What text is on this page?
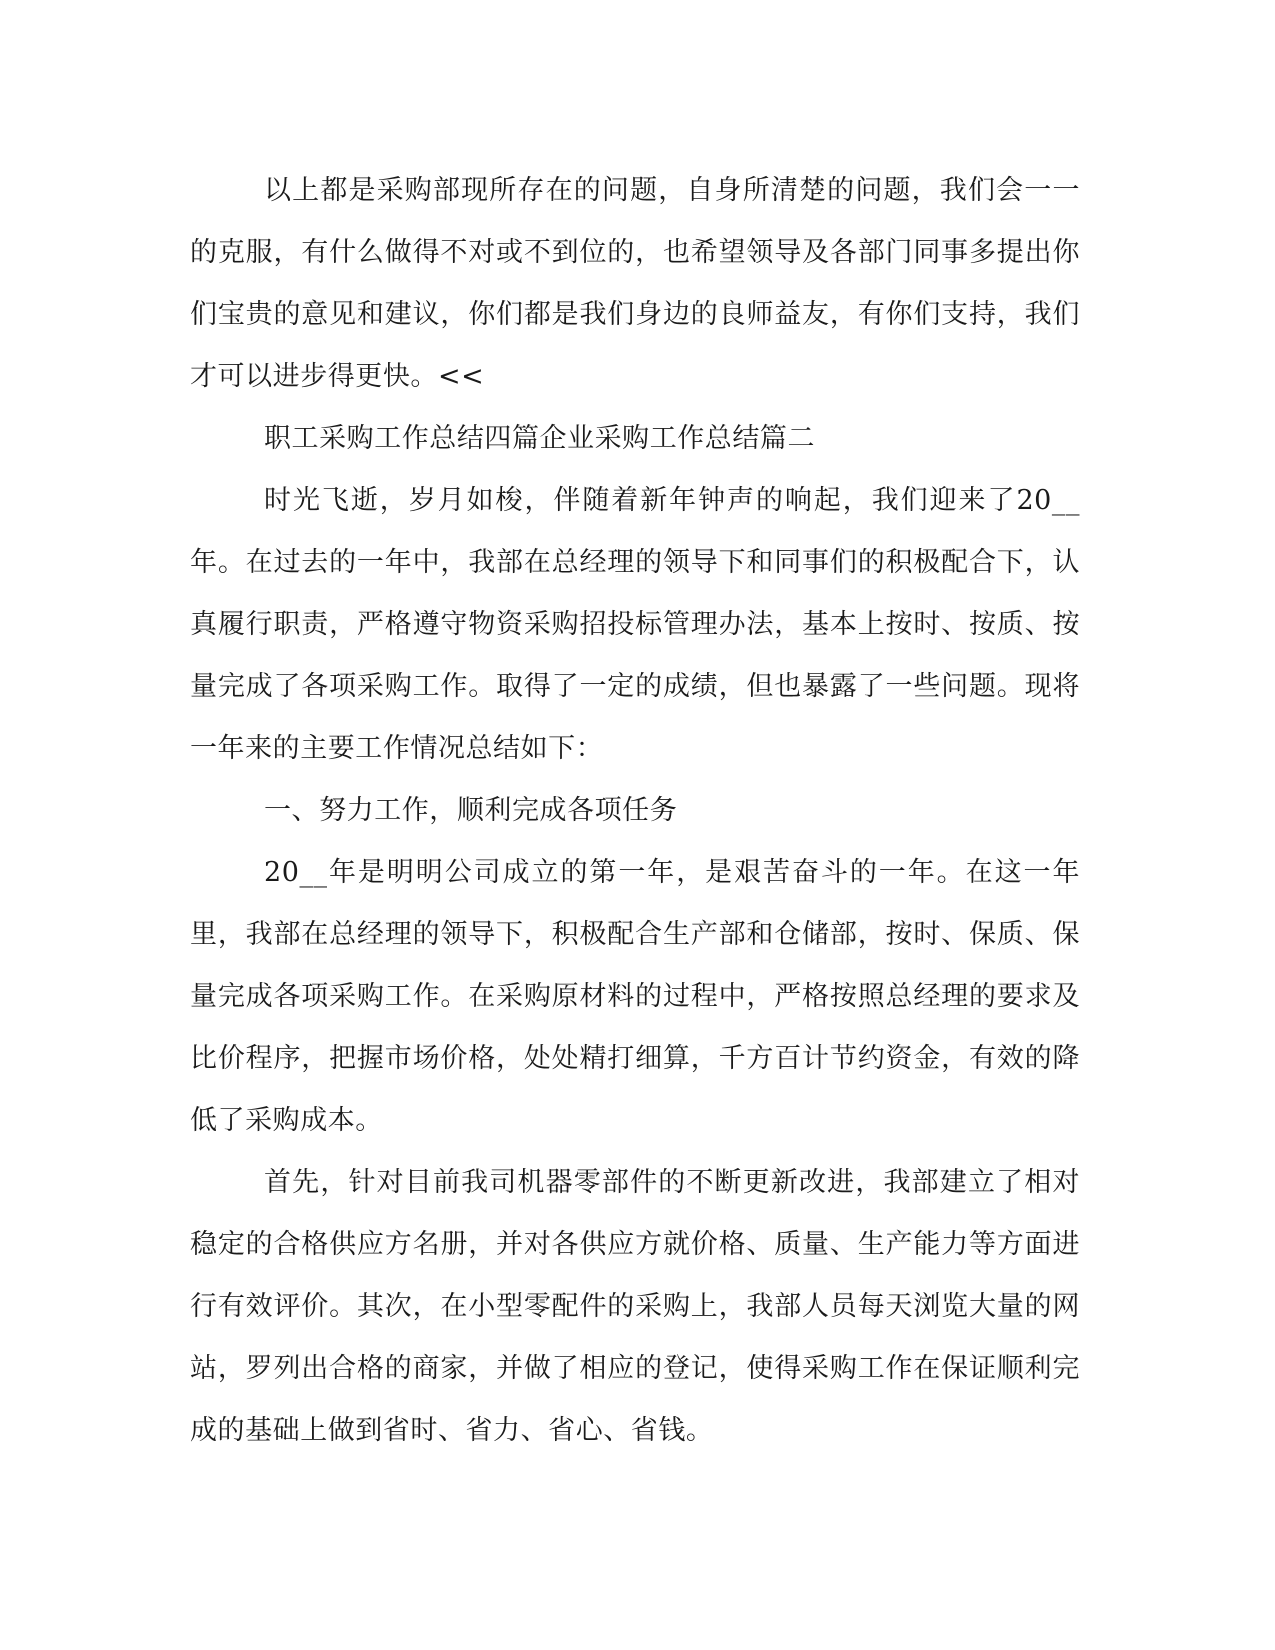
以上都是采购部现所存在的问题，自身所清楚的问题，我们会一一的克服，有什么做得不对或不到位的，也希望领导及各部门同事多提出你们宝贵的意见和建议，你们都是我们身边的良师益友，有你们支持，我们才可以进步得更快。<<

职工采购工作总结四篇企业采购工作总结篇二

时光飞逝，岁月如梭，伴随着新年钟声的响起，我们迎来了20__年。在过去的一年中，我部在总经理的领导下和同事们的积极配合下，认真履行职责，严格遵守物资采购招投标管理办法，基本上按时、按质、按量完成了各项采购工作。取得了一定的成绩，但也暴露了一些问题。现将一年来的主要工作情况总结如下：

一、努力工作，顺利完成各项任务

20__年是明明公司成立的第一年，是艰苦奋斗的一年。在这一年里，我部在总经理的领导下，积极配合生产部和仓储部，按时、保质、保量完成各项采购工作。在采购原材料的过程中，严格按照总经理的要求及比价程序，把握市场价格，处处精打细算，千方百计节约资金，有效的降低了采购成本。

首先，针对目前我司机器零部件的不断更新改进，我部建立了相对稳定的合格供应方名册，并对各供应方就价格、质量、生产能力等方面进行有效评价。其次，在小型零配件的采购上，我部人员每天浏览大量的网站，罗列出合格的商家，并做了相应的登记，使得采购工作在保证顺利完成的基础上做到省时、省力、省心、省钱。
